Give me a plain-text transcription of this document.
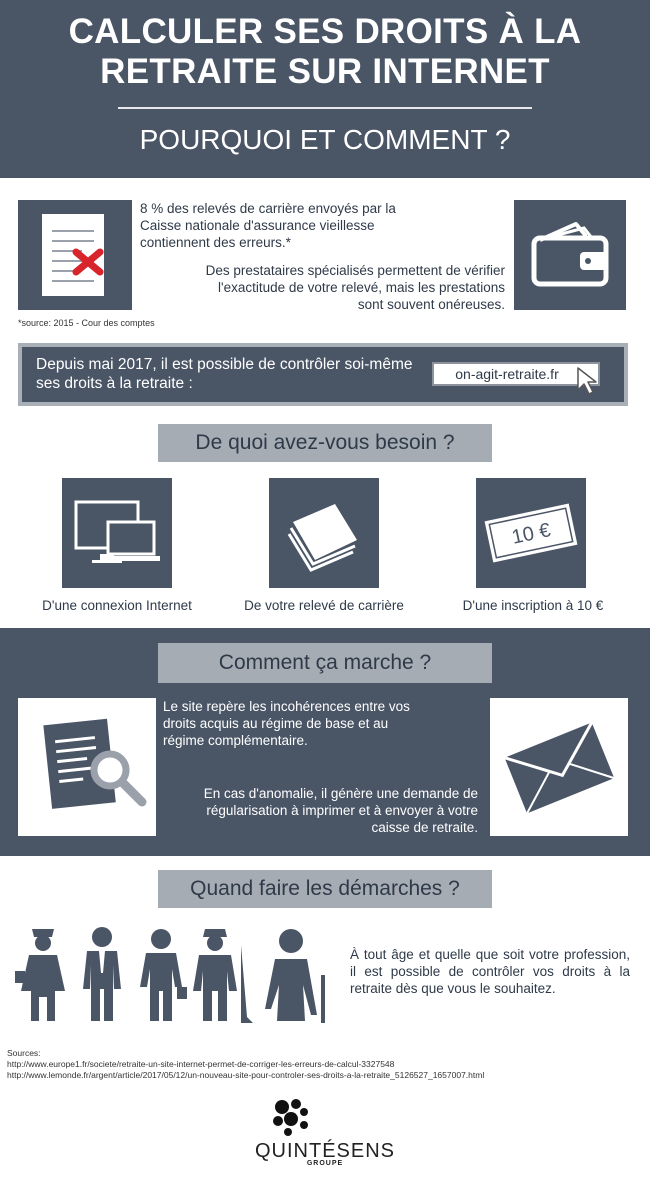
CALCULER SES DROITS À LA
RETRAITE SUR INTERNET
POURQUOI ET COMMENT ?
8 % des relevés de carrière envoyés par la Caisse nationale d'assurance vieillesse contiennent des erreurs.*
Des prestataires spécialisés permettent de vérifier l'exactitude de votre relevé, mais les prestations sont souvent onéreuses.
*source: 2015 - Cour des comptes
Depuis mai 2017, il est possible de contrôler soi-même ses droits à la retraite :
on-agit-retraite.fr
De quoi avez-vous besoin ?
10 €
D'une connexion Internet	De votre relevé de carrière	D'une inscription à 10 €
Comment ça marche ?
Le site repère les incohérences entre vos droits acquis au régime de base et au régime complémentaire.
En cas d'anomalie, il génère une demande de régularisation à imprimer et à envoyer à votre caisse de retraite.
Quand faire les démarches ?
À tout âge et quelle que soit votre profession, il est possible de contrôler vos droits à la retraite dès que vous le souhaitez.
Sources:
http://www.europe1.fr/societe/retraite-un-site-internet-permet-de-corriger-les-erreurs-de-calcul-3327548
http://www.lemonde.fr/argent/article/2017/05/12/un-nouveau-site-pour-controler-ses-droits-a-la-retraite_5126527_1657007.html
QUINTÉSENS
GROUPE
